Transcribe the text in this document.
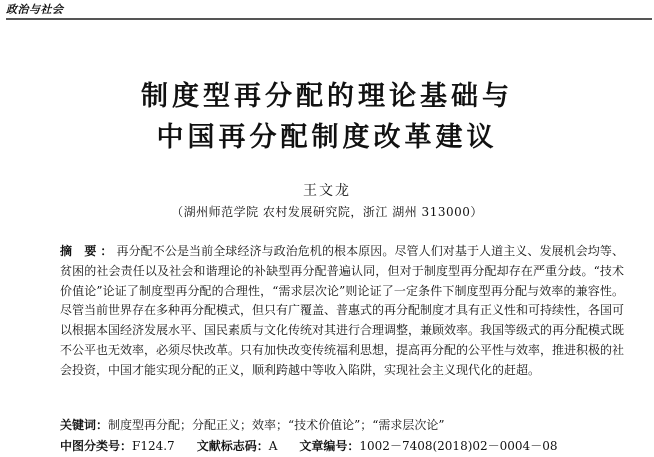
政治与社会
制度型再分配的理论基础与
中国再分配制度改革建议
王文龙
（湖州师范学院 农村发展研究院，浙江 湖州 313000）
摘 要：再分配不公是当前全球经济与政治危机的根本原因。尽管人们对基于人道主义、发展机会均等、贫困的社会责任以及社会和谐理论的补缺型再分配普遍认同，但对于制度型再分配却存在严重分歧。“技术价值论”论证了制度型再分配的合理性，“需求层次论”则论证了一定条件下制度型再分配与效率的兼容性。尽管当前世界存在多种再分配模式，但只有广覆盖、普惠式的再分配制度才具有正义性和可持续性，各国可以根据本国经济发展水平、国民素质与文化传统对其进行合理调整，兼顾效率。我国等级式的再分配模式既不公平也无效率，必须尽快改革。只有加快改变传统福利思想，提高再分配的公平性与效率，推进积极的社会投资，中国才能实现分配的正义，顺利跨越中等收入陷阱，实现社会主义现代化的赶超。
关键词：制度型再分配；分配正义；效率；“技术价值论”；“需求层次论”
中图分类号：F124.7 文献标志码：A 文章编号：1002－7408(2018)02－0004－08
